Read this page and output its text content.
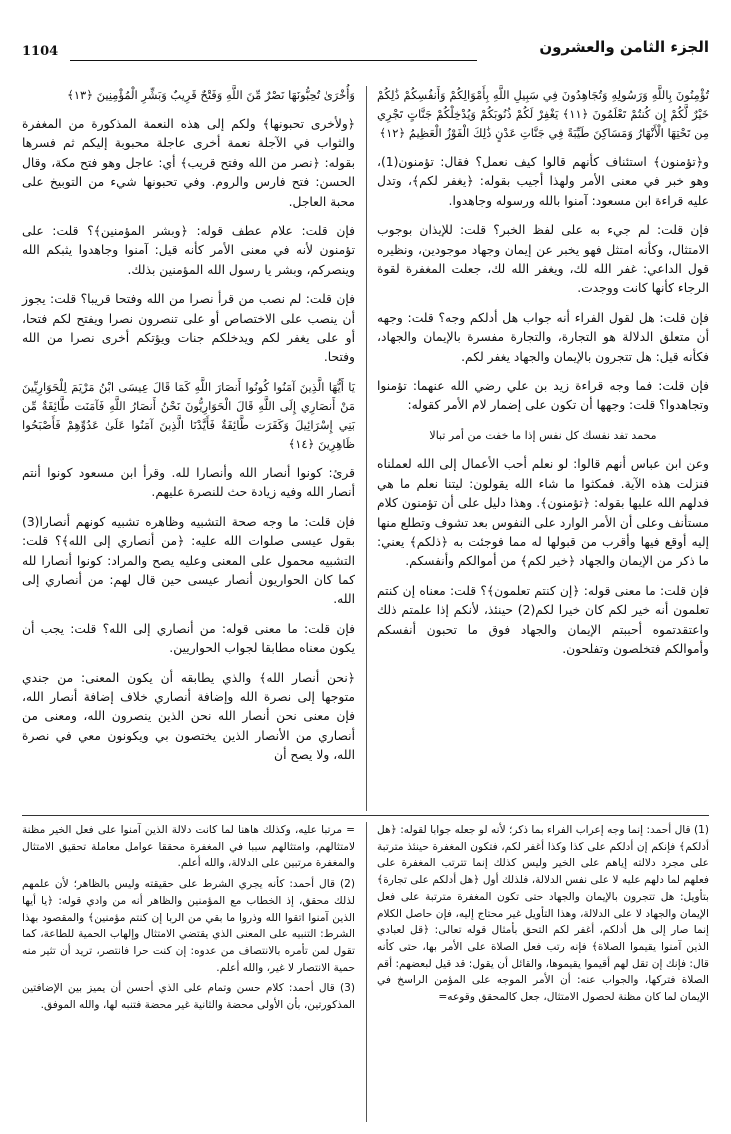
1104	الجزء الثامن والعشرون
تُؤْمِنُونَ بِاللَّهِ وَرَسُولِهِ وَتُجَاهِدُونَ فِي سَبِيلِ اللَّهِ بِأَمْوَالِكُمْ وَأَنفُسِكُمْ ذَٰلِكُمْ خَيْرٌ لَّكُمْ إِن كُنتُمْ تَعْلَمُونَ ﴿١١﴾ يَغْفِرْ لَكُمْ ذُنُوبَكُمْ وَيُدْخِلْكُمْ جَنَّاتٍ تَجْرِي مِن تَحْتِهَا الْأَنْهَارُ وَمَسَاكِنَ طَيِّبَةً فِي جَنَّاتِ عَدْنٍ ذَٰلِكَ الْفَوْزُ الْعَظِيمُ ﴿١٢﴾

و﴿تؤمنون﴾ استئناف كأنهم قالوا كيف نعمل؟ فقال: تؤمنون(1)، وهو خبر في معنى الأمر ولهذا أجيب بقوله: ﴿يغفر لكم﴾، وتدل عليه قراءة ابن مسعود: آمنوا بالله ورسوله وجاهدوا.

فإن قلت: لم جيء به على لفظ الخبر؟ قلت: للإيذان بوجوب الامتثال، وكأنه امتثل فهو يخبر عن إيمان وجهاد موجودين، ونظيره قول الداعي: غفر الله لك، ويغفر الله لك، جعلت المغفرة لقوة الرجاء كأنها كانت ووجدت.

فإن قلت: هل لقول الفراء أنه جواب هل أدلكم وجه؟ قلت: وجهه أن متعلق الدلالة هو التجارة، والتجارة مفسرة بالإيمان والجهاد، فكأنه قيل: هل تتجرون بالإيمان والجهاد يغفر لكم.

فإن قلت: فما وجه قراءة زيد بن علي رضي الله عنهما: تؤمنوا وتجاهدوا؟ قلت: وجهها أن تكون على إضمار لام الأمر كقوله:

محمد تفد نفسك كل نفس إذا ما خفت من أمر تبالا

وعن ابن عباس أنهم قالوا: لو نعلم أحب الأعمال إلى الله لعملناه فنزلت هذه الآية. فمكثوا ما شاء الله يقولون: ليتنا نعلم ما هي فدلهم الله عليها بقوله: ﴿تؤمنون﴾. وهذا دليل على أن تؤمنون كلام مستأنف وعلى أن الأمر الوارد على النفوس بعد تشوف وتطلع منها إليه أوقع فيها وأقرب من قبولها له مما فوجئت به ﴿ذلكم﴾ يعني: ما ذكر من الإيمان والجهاد ﴿خير لكم﴾ من أموالكم وأنفسكم.

فإن قلت: ما معنى قوله: ﴿إن كنتم تعلمون﴾؟ قلت: معناه إن كنتم تعلمون أنه خير لكم كان خيرا لكم(2) حينئذ، لأنكم إذا علمتم ذلك واعتقدتموه أحببتم الإيمان والجهاد فوق ما تحبون أنفسكم وأموالكم فتخلصون وتفلحون.

وَأُخْرَىٰ تُحِبُّونَهَا نَصْرٌ مِّنَ اللَّهِ وَفَتْحٌ قَرِيبٌ وَبَشِّرِ الْمُؤْمِنِينَ ﴿١٣﴾

﴿ولأخرى تحبونها﴾ ولكم إلى هذه النعمة المذكورة من المغفرة والثواب في الآجلة نعمة أخرى عاجلة محبوبة إليكم ثم فسرها بقوله: ﴿نصر من الله وفتح قريب﴾ أي: عاجل وهو فتح مكة، وقال الحسن: فتح فارس والروم. وفي تحبونها شيء من التوبيخ على محبة العاجل.

فإن قلت: علام عطف قوله: ﴿وبشر المؤمنين﴾؟ قلت: على تؤمنون لأنه في معنى الأمر كأنه قيل: آمنوا وجاهدوا يثبكم الله وينصركم، وبشر يا رسول الله المؤمنين بذلك.

فإن قلت: لم نصب من قرأ نصرا من الله وفتحا قريبا؟ قلت: يجوز أن ينصب على الاختصاص أو على تنصرون نصرا ويفتح لكم فتحا، أو على يغفر لكم ويدخلكم جنات ويؤتكم أخرى نصرا من الله وفتحا.

يَا أَيُّهَا الَّذِينَ آمَنُوا كُونُوا أَنصَارَ اللَّهِ كَمَا قَالَ عِيسَى ابْنُ مَرْيَمَ لِلْحَوَارِيِّينَ مَنْ أَنصَارِي إِلَى اللَّهِ قَالَ الْحَوَارِيُّونَ نَحْنُ أَنصَارُ اللَّهِ فَآمَنَت طَّائِفَةٌ مِّن بَنِي إِسْرَائِيلَ وَكَفَرَت طَّائِفَةٌ فَأَيَّدْنَا الَّذِينَ آمَنُوا عَلَىٰ عَدُوِّهِمْ فَأَصْبَحُوا ظَاهِرِينَ ﴿١٤﴾

قرئ: كونوا أنصار الله وأنصارا لله. وقرأ ابن مسعود كونوا أنتم أنصار الله وفيه زيادة حث للنصرة عليهم.

فإن قلت: ما وجه صحة التشبيه وظاهره تشبيه كونهم أنصارا(3) بقول عيسى صلوات الله عليه: ﴿من أنصاري إلى الله﴾؟ قلت: التشبيه محمول على المعنى وعليه يصح والمراد: كونوا أنصارا لله كما كان الحواريون أنصار عيسى حين قال لهم: من أنصاري إلى الله.

فإن قلت: ما معنى قوله: من أنصاري إلى الله؟ قلت: يجب أن يكون معناه مطابقا لجواب الحواريين.

﴿نحن أنصار الله﴾ والذي يطابقه أن يكون المعنى: من جندي متوجها إلى نصرة الله وإضافة أنصاري خلاف إضافة أنصار الله، فإن معنى نحن أنصار الله نحن الذين ينصرون الله، ومعنى من أنصاري من الأنصار الذين يختصون بي ويكونون معي في نصرة الله، ولا يصح أن

(1) قال أحمد: إنما وجه إعراب الفراء بما ذكر؛ لأنه لو جعله جوابا لقوله: ﴿هل أدلكم﴾ فإنكم إن أدلكم على كذا وكذا أغفر لكم، فتكون المغفرة حينئذ مترتبة على مجرد دلالته إياهم على الخير وليس كذلك إنما تترتب المغفرة على فعلهم لما دلهم عليه لا على نفس الدلالة، فلذلك أول ﴿هل أدلكم على تجارة﴾ بتأويل: هل تتجرون بالإيمان والجهاد حتى تكون المغفرة مترتبة على فعل الإيمان والجهاد لا على الدلالة، وهذا التأويل غير محتاج إليه، فإن حاصل الكلام إنما صار إلى هل أدلكم، أغفر لكم التحق بأمثال قوله تعالى: ﴿قل لعبادي الذين آمنوا يقيموا الصلاة﴾ فإنه رتب فعل الصلاة على الأمر بها، حتى كأنه قال: فإنك إن تقل لهم أقيموا يقيموها، والقائل أن يقول: قد قيل لبعضهم: أقم الصلاة فتركها، والجواب عنه: أن الأمر الموجه على المؤمن الراسخ في الإيمان لما كان مظنة لحصول الامتثال، جعل كالمحقق وقوعه=

= مرتبا عليه، وكذلك هاهنا لما كانت دلالة الذين آمنوا على فعل الخير مظنة لامتثالهم، وامتثالهم سببا في المغفرة محققا عوامل معاملة تحقيق الامتثال والمغفرة مرتبين على الدلالة، والله أعلم.

(2) قال أحمد: كأنه يجري الشرط على حقيقته وليس بالظاهر؛ لأن علمهم لذلك محقق، إذ الخطاب مع المؤمنين والظاهر أنه من وادي قوله: ﴿يا أيها الذين آمنوا اتقوا الله وذروا ما بقي من الربا إن كنتم مؤمنين﴾ والمقصود بهذا الشرط: التنبيه على المعنى الذي يقتضي الامتثال وإلهاب الحمية للطاعة، كما تقول لمن تأمره بالانتصاف من عدوه: إن كنت حرا فانتصر، تريد أن تثير منه حمية الانتصار لا غير، والله أعلم.

(3) قال أحمد: كلام حسن وتمام على الذي أحسن أن يميز بين الإضافتين المذكورتين، بأن الأولى محضة والثانية غير محضة فتنبه لها، والله الموفق.
